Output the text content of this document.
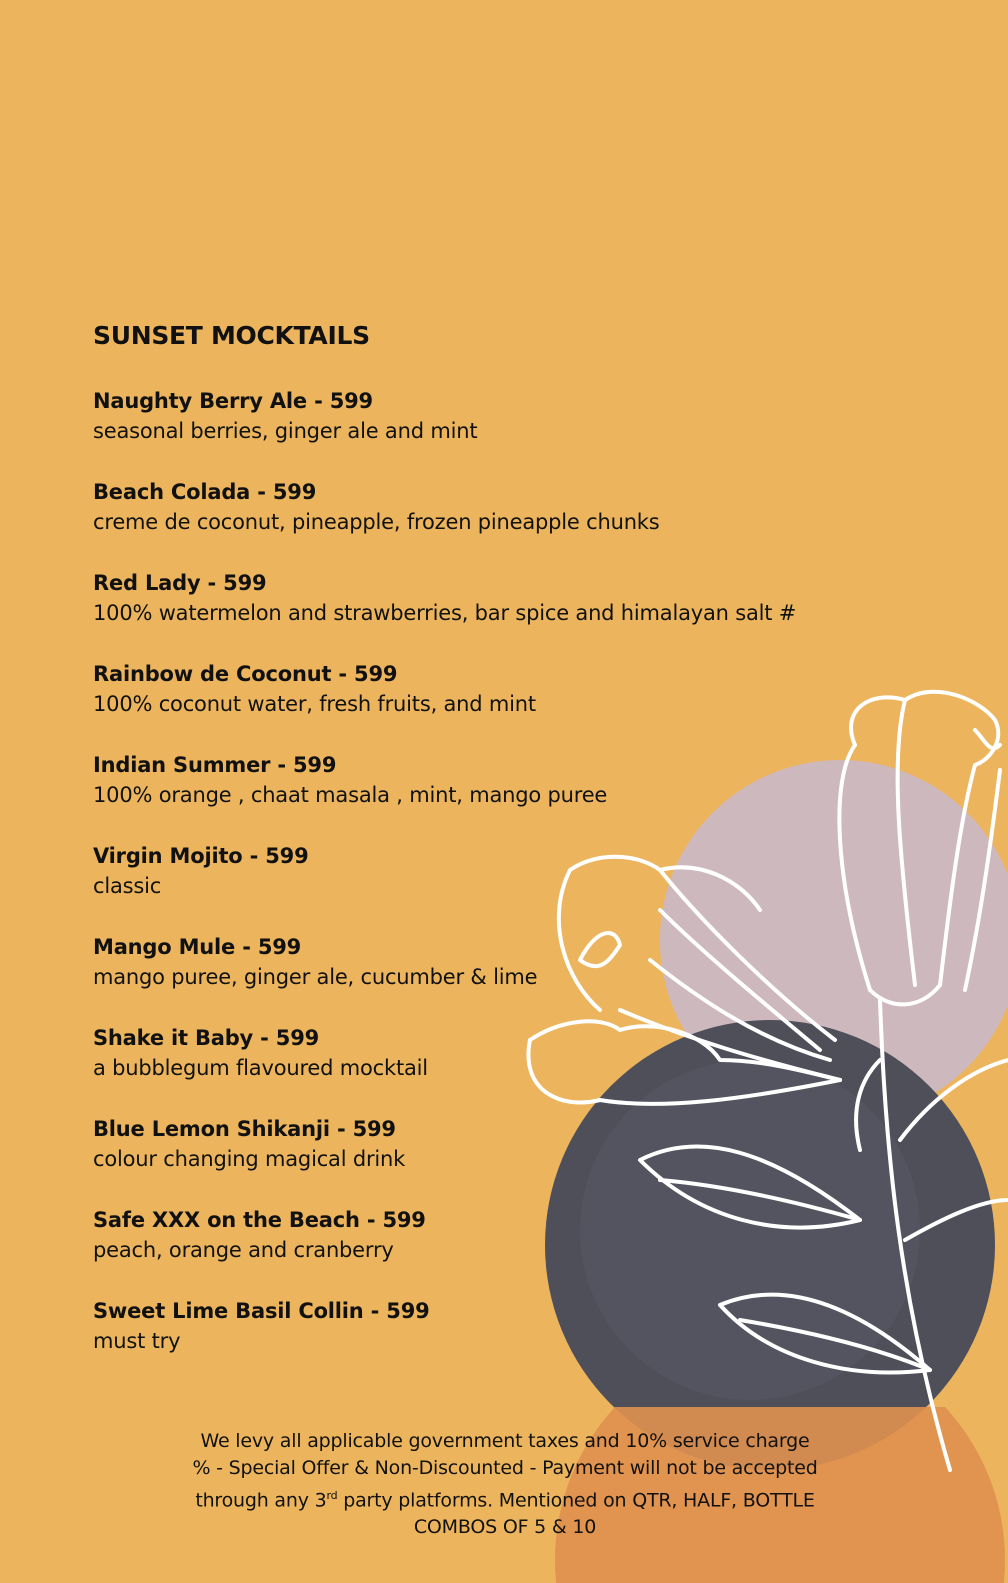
SUNSET MOCKTAILS
Naughty Berry Ale - 599
seasonal berries, ginger ale and mint
Beach Colada - 599
creme de coconut, pineapple, frozen pineapple chunks
Red Lady - 599
100% watermelon and strawberries, bar spice and himalayan salt #
Rainbow de Coconut - 599
100% coconut water, fresh fruits, and mint
Indian Summer - 599
100% orange , chaat masala , mint, mango puree
Virgin Mojito - 599
classic
Mango Mule - 599
mango puree, ginger ale, cucumber & lime
Shake it Baby - 599
a bubblegum flavoured mocktail
Blue Lemon Shikanji - 599
colour changing magical drink
Safe XXX on the Beach - 599
peach, orange and cranberry
Sweet Lime Basil Collin - 599
must try
We levy all applicable government taxes and 10% service charge
% - Special Offer & Non-Discounted - Payment will not be accepted
through any 3rd party platforms. Mentioned on QTR, HALF, BOTTLE
COMBOS OF 5 & 10
